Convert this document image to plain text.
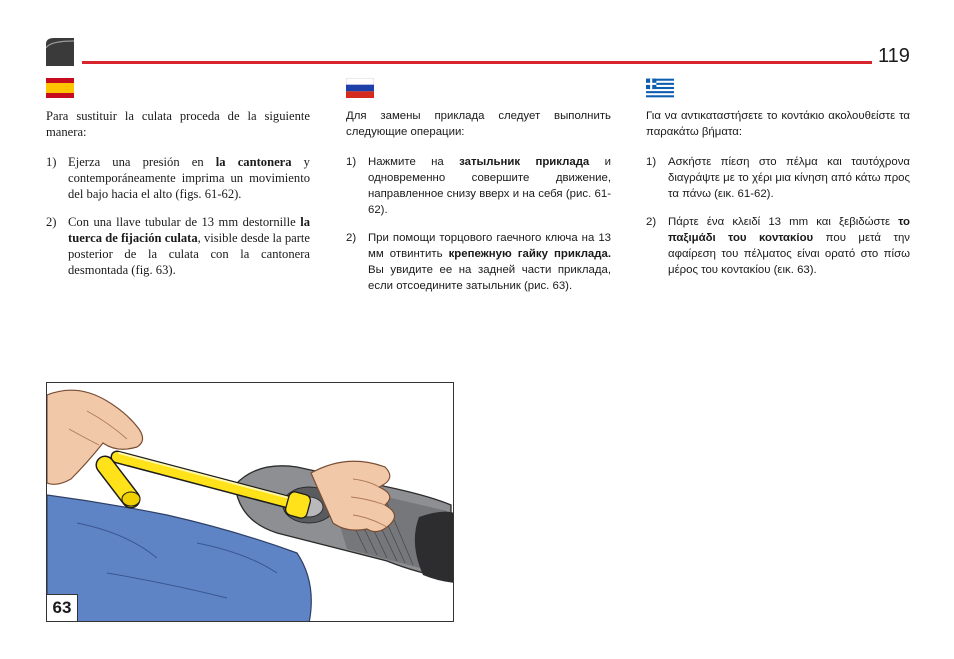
119

Para sustituir la culata proceda de la siguiente manera:

1) Ejerza una presión en la cantonera y contemporáneamente imprima un movimiento del bajo hacia el alto (figs. 61-62).
2) Con una llave tubular de 13 mm destornille la tuerca de fijación culata, visible desde la parte posterior de la culata con la cantonera desmontada (fig. 63).

Для замены приклада следует выполнить следующие операции:

1)	Нажмите на затыльник приклада и одновременно совершите движение, направленное снизу вверх и на себя (рис. 61-62).
2)	При помощи торцового гаечного ключа на 13 мм отвинтить крепежную гайку приклада. Вы увидите ее на задней части приклада, если отсоедините затыльник (рис. 63).

Για να αντικαταστήσετε το κοντάκιο ακολουθείστε τα παρακάτω βήματα:

1)	Ασκήστε πίεση στο πέλμα και ταυτόχρονα διαγράψτε με το χέρι μια κίνηση από κάτω προς τα πάνω (εικ. 61-62).
2)	Πάρτε ένα κλειδί 13 mm και ξεβιδώστε το παξιμάδι του κοντακίου που μετά την αφαίρεση του πέλματος είναι ορατό στο πίσω μέρος του κοντακίου (εικ. 63).
63
